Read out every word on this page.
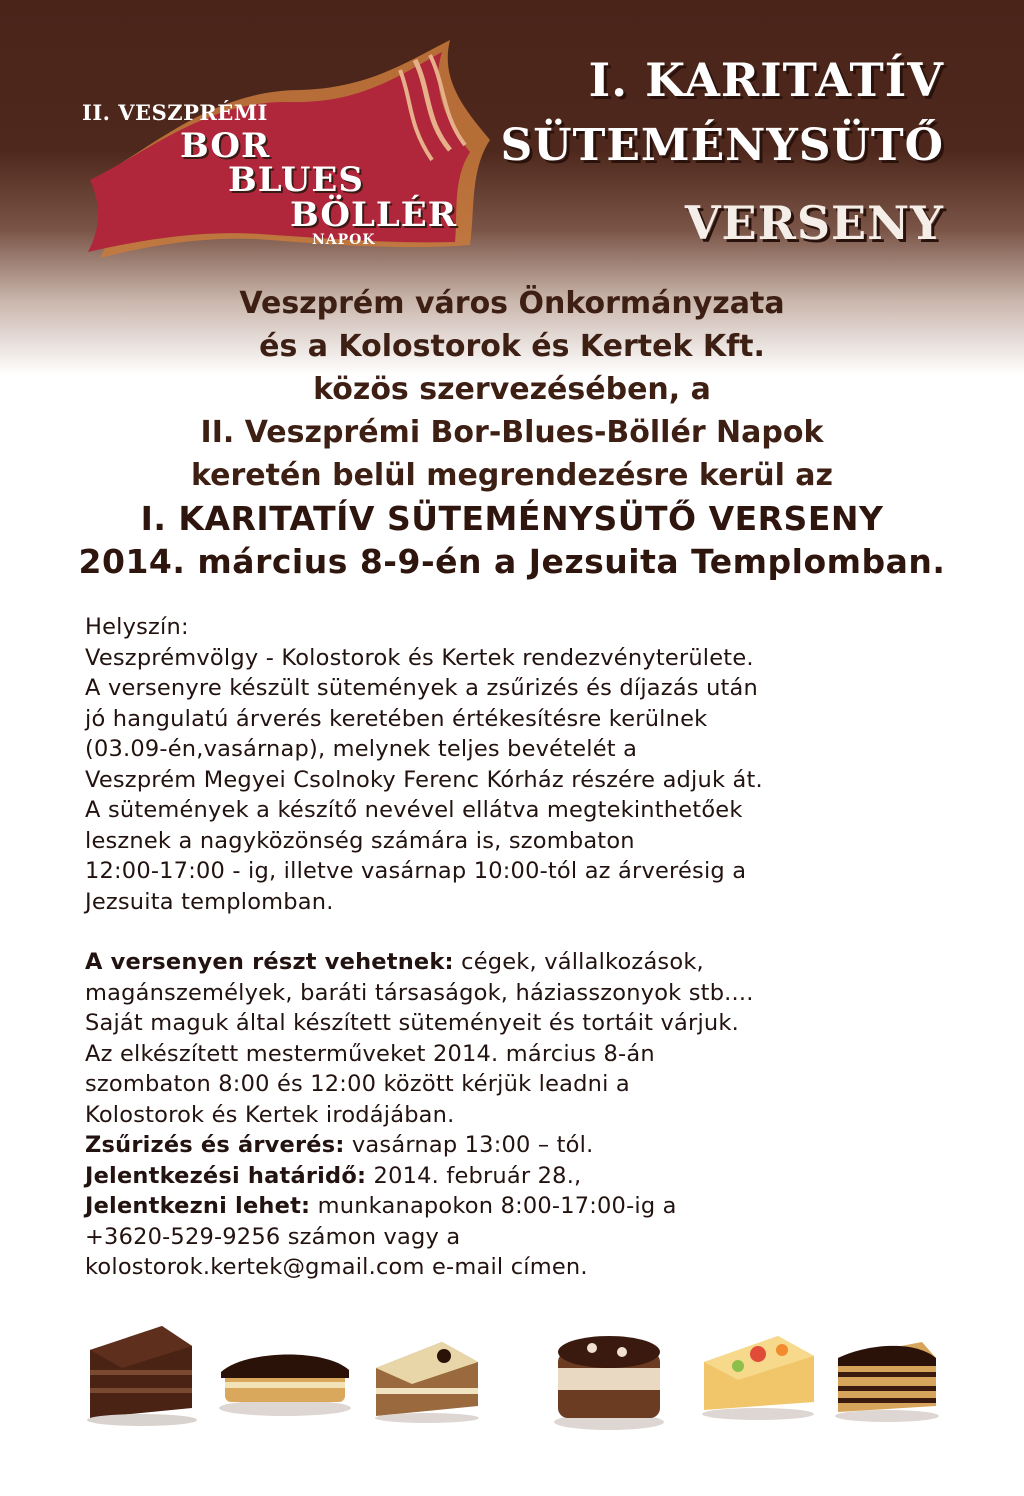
II. VESZPRÉMI
BOR
BLUES
BÖLLÉR
NAPOK
I. KARITATÍV
SÜTEMÉNYSÜTŐ
VERSENY
Veszprém város Önkormányzata
és a Kolostorok és Kertek Kft.
közös szervezésében, a
II. Veszprémi Bor-Blues-Böllér Napok
keretén belül megrendezésre kerül az
I. KARITATÍV SÜTEMÉNYSÜTŐ VERSENY
2014. március 8-9-én a Jezsuita Templomban.
Helyszín:
Veszprémvölgy - Kolostorok és Kertek rendezvényterülete.
A versenyre készült sütemények a zsűrizés és díjazás után
jó hangulatú árverés keretében értékesítésre kerülnek
(03.09-én,vasárnap), melynek teljes bevételét a
Veszprém Megyei Csolnoky Ferenc Kórház részére adjuk át.
A sütemények a készítő nevével ellátva megtekinthetőek
lesznek a nagyközönség számára is, szombaton
12:00-17:00 - ig, illetve vasárnap 10:00-tól az árverésig a
Jezsuita templomban.
A versenyen részt vehetnek: cégek, vállalkozások,
magánszemélyek, baráti társaságok, háziasszonyok stb....
Saját maguk által készített süteményeit és tortáit várjuk.
Az elkészített mesterműveket 2014. március 8-án
szombaton 8:00 és 12:00 között kérjük leadni a
Kolostorok és Kertek irodájában.
Zsűrizés és árverés: vasárnap 13:00 – tól.
Jelentkezési határidő: 2014. február 28.,
Jelentkezni lehet: munkanapokon 8:00-17:00-ig a
+3620-529-9256 számon vagy a
kolostorok.kertek@gmail.com e-mail címen.
